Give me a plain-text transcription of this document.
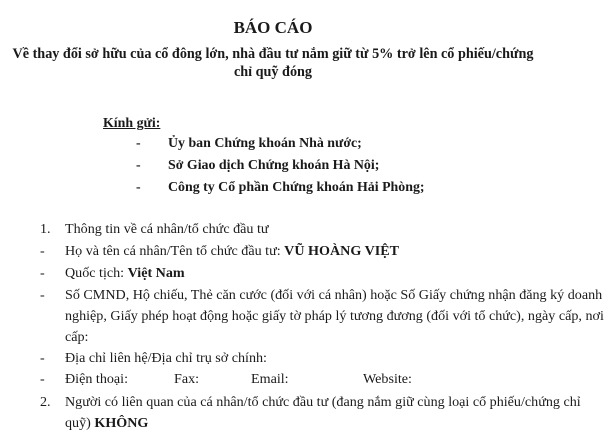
BÁO CÁO
Về thay đổi sở hữu của cổ đông lớn, nhà đầu tư nắm giữ từ 5% trở lên cổ phiếu/chứng
chỉ quỹ đóng
Kính gửi:
- Ủy ban Chứng khoán Nhà nước;
- Sở Giao dịch Chứng khoán Hà Nội;
- Công ty Cổ phần Chứng khoán Hải Phòng;
1. Thông tin về cá nhân/tổ chức đầu tư
- Họ và tên cá nhân/Tên tổ chức đầu tư: VŨ HOÀNG VIỆT
- Quốc tịch: Việt Nam
- Số CMND, Hộ chiếu, Thẻ căn cước (đối với cá nhân) hoặc Số Giấy chứng nhận đăng ký doanh
nghiệp, Giấy phép hoạt động hoặc giấy tờ pháp lý tương đương (đối với tổ chức), ngày cấp, nơi
cấp:
- Địa chỉ liên hệ/Địa chỉ trụ sở chính:
- Điện thoại:	Fax:	Email:	Website:
2. Người có liên quan của cá nhân/tổ chức đầu tư (đang nắm giữ cùng loại cổ phiếu/chứng chỉ
quỹ) KHÔNG
